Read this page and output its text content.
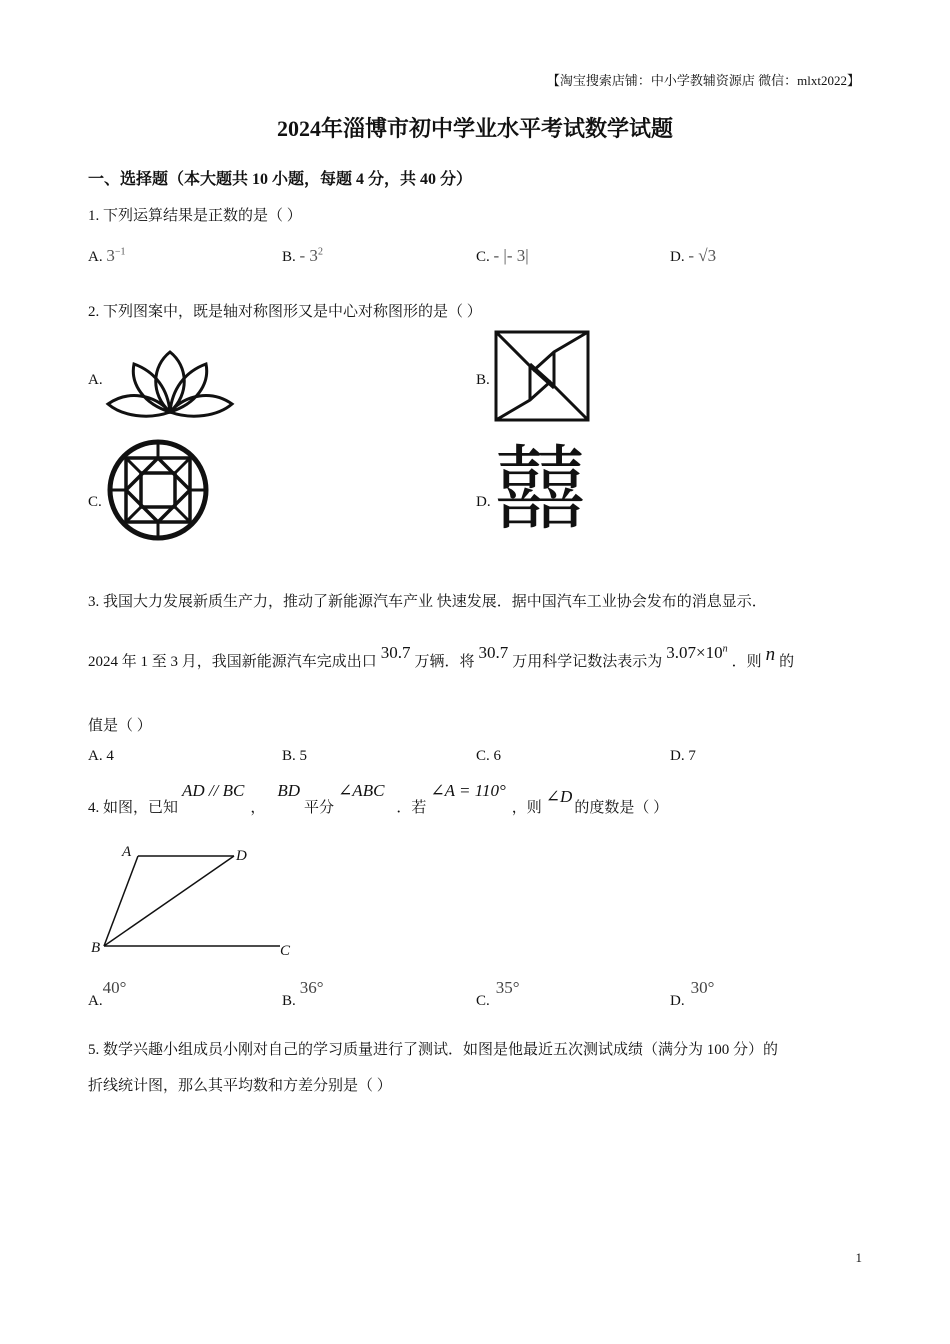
【淘宝搜索店铺：中小学教辅资源店 微信：mlxt2022】
2024年淄博市初中学业水平考试数学试题
一、选择题（本大题共 10 小题，每题 4 分，共 40 分）
1. 下列运算结果是正数的是（ ）
A. $3^{-1}$	B. - $3^2$	C. - |- 3|	D. - √3
2. 下列图案中，既是轴对称图形又是中心对称图形的是（ ）
A.	B.
C.	D. 囍
3. 我国大力发展新质生产力，推动了新能源汽车产业 快速发展．据中国汽车工业协会发布的消息显示．
2024 年 1 至 3 月，我国新能源汽车完成出口 30.7 万辆．将 30.7 万用科学记数法表示为 $3.07\times 10^n$．则 n 的
值是（ ）
A. 4	B. 5	C. 6	D. 7
4. 如图，已知AD // BC，BD平分∠ABC．若∠A = 110°，则∠D的度数是（ ）
A	D
B	C
A.40°
B.36°
C.35°
D.30°
5. 数学兴趣小组成员小刚对自己的学习质量进行了测试．如图是他最近五次测试成绩（满分为 100 分）的
折线统计图，那么其平均数和方差分别是（ ）
1
